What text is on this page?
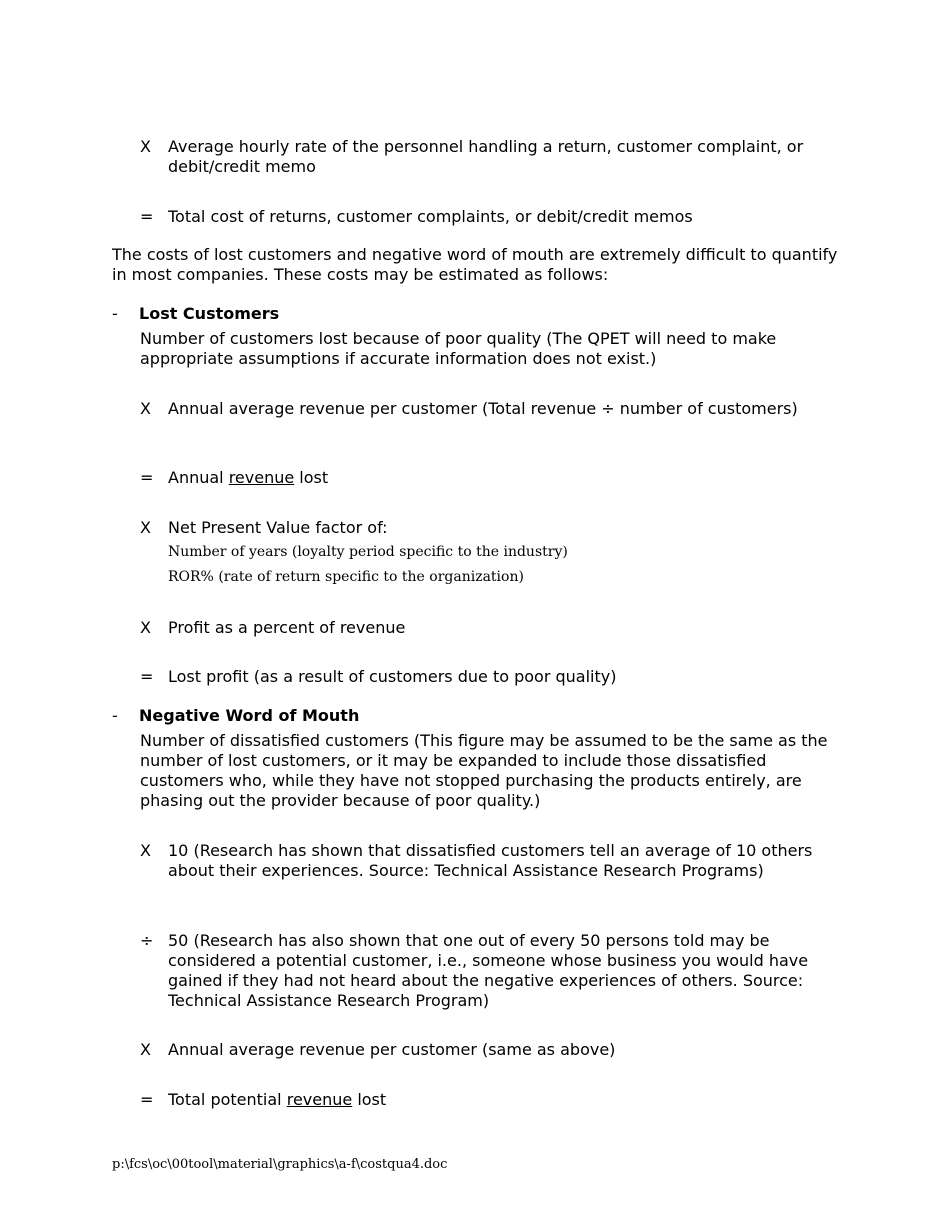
X	Average hourly rate of the personnel handling a return, customer complaint, or debit/credit memo
= Total cost of returns, customer complaints, or debit/credit memos
The costs of lost customers and negative word of mouth are extremely difficult to quantify in most companies. These costs may be estimated as follows:
- Lost Customers
Number of customers lost because of poor quality (The QPET will need to make appropriate assumptions if accurate information does not exist.)
X	Annual average revenue per customer (Total revenue ÷ number of customers)
= Annual revenue lost
X	Net Present Value factor of:
Number of years (loyalty period specific to the industry)
ROR% (rate of return specific to the organization)
X	Profit as a percent of revenue
= Lost profit (as a result of customers due to poor quality)
- Negative Word of Mouth
Number of dissatisfied customers (This figure may be assumed to be the same as the number of lost customers, or it may be expanded to include those dissatisfied customers who, while they have not stopped purchasing the products entirely, are phasing out the provider because of poor quality.)
X	10 (Research has shown that dissatisfied customers tell an average of 10 others about their experiences. Source: Technical Assistance Research Programs)
÷ 50 (Research has also shown that one out of every 50 persons told may be considered a potential customer, i.e., someone whose business you would have gained if they had not heard about the negative experiences of others. Source: Technical Assistance Research Program)
X	Annual average revenue per customer (same as above)
= Total potential revenue lost
p:\fcs\oc\00tool\material\graphics\a-f\costqua4.doc
